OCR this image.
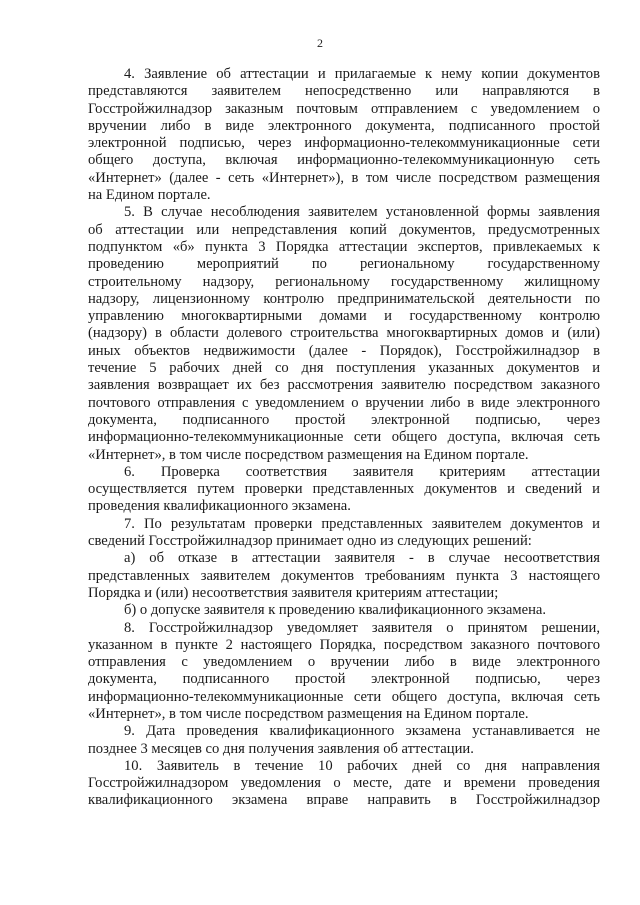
2
4. Заявление об аттестации и прилагаемые к нему копии документов
представляются заявителем непосредственно или направляются в
Госстройжилнадзор заказным почтовым отправлением с уведомлением о
вручении либо в виде электронного документа, подписанного простой
электронной подписью, через информационно-телекоммуникационные сети
общего доступа, включая информационно-телекоммуникационную сеть
«Интернет» (далее - сеть «Интернет»), в том числе посредством размещения
на Едином портале.
5. В случае несоблюдения заявителем установленной формы заявления
об аттестации или непредставления копий документов, предусмотренных
подпунктом «б» пункта 3 Порядка аттестации экспертов, привлекаемых к
проведению мероприятий по региональному государственному
строительному надзору, региональному государственному жилищному
надзору, лицензионному контролю предпринимательской деятельности по
управлению многоквартирными домами и государственному контролю
(надзору) в области долевого строительства многоквартирных домов и (или)
иных объектов недвижимости (далее - Порядок), Госстройжилнадзор в
течение 5 рабочих дней со дня поступления указанных документов и
заявления возвращает их без рассмотрения заявителю посредством заказного
почтового отправления с уведомлением о вручении либо в виде электронного
документа, подписанного простой электронной подписью, через
информационно-телекоммуникационные сети общего доступа, включая сеть
«Интернет», в том числе посредством размещения на Едином портале.
6. Проверка соответствия заявителя критериям аттестации
осуществляется путем проверки представленных документов и сведений и
проведения квалификационного экзамена.
7. По результатам проверки представленных заявителем документов и
сведений Госстройжилнадзор принимает одно из следующих решений:
а) об отказе в аттестации заявителя - в случае несоответствия
представленных заявителем документов требованиям пункта 3 настоящего
Порядка и (или) несоответствия заявителя критериям аттестации;
б) о допуске заявителя к проведению квалификационного экзамена.
8. Госстройжилнадзор уведомляет заявителя о принятом решении,
указанном в пункте 2 настоящего Порядка, посредством заказного почтового
отправления с уведомлением о вручении либо в виде электронного
документа, подписанного простой электронной подписью, через
информационно-телекоммуникационные сети общего доступа, включая сеть
«Интернет», в том числе посредством размещения на Едином портале.
9. Дата проведения квалификационного экзамена устанавливается не
позднее 3 месяцев со дня получения заявления об аттестации.
10. Заявитель в течение 10 рабочих дней со дня направления
Госстройжилнадзором уведомления о месте, дате и времени проведения
квалификационного экзамена вправе направить в Госстройжилнадзор
